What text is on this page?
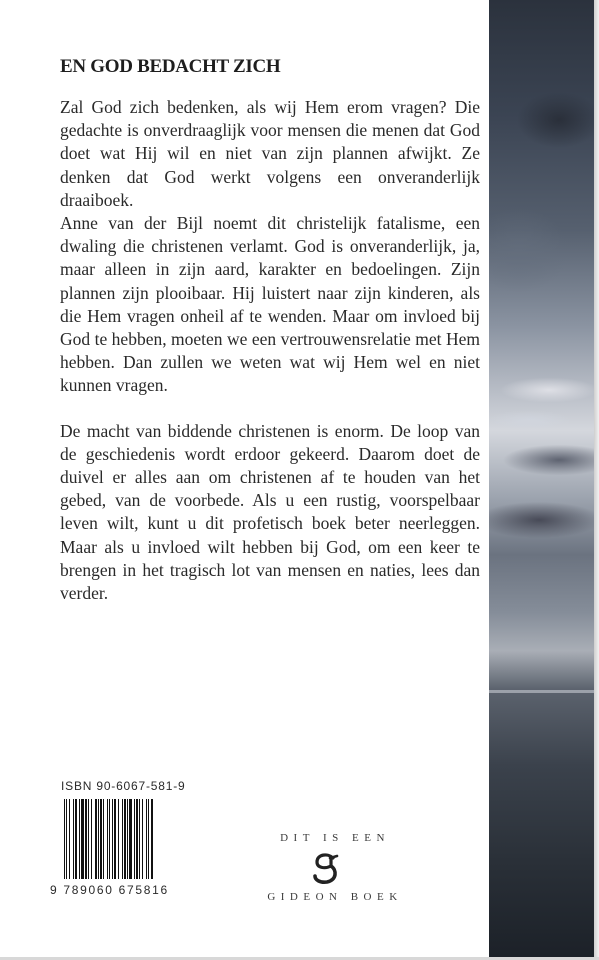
EN GOD BEDACHT ZICH

Zal God zich bedenken, als wij Hem erom vragen? Die gedachte is onverdraaglijk voor mensen die menen dat God doet wat Hij wil en niet van zijn plannen afwijkt. Ze denken dat God werkt volgens een onveranderlijk draaiboek.

Anne van der Bijl noemt dit christelijk fatalisme, een dwaling die christenen verlamt. God is onveranderlijk, ja, maar alleen in zijn aard, karakter en bedoelingen. Zijn plannen zijn plooibaar. Hij luistert naar zijn kinderen, als die Hem vragen onheil af te wenden. Maar om invloed bij God te hebben, moeten we een vertrouwensrelatie met Hem hebben. Dan zullen we weten wat wij Hem wel en niet kunnen vragen.

De macht van biddende christenen is enorm. De loop van de geschiedenis wordt erdoor gekeerd. Daarom doet de duivel er alles aan om christenen af te houden van het gebed, van de voorbede. Als u een rustig, voorspelbaar leven wilt, kunt u dit profetisch boek beter neerleggen. Maar als u invloed wilt hebben bij God, om een keer te brengen in het tragisch lot van mensen en naties, lees dan verder.

ISBN 90-6067-581-9
9 789060 675816
DIT IS EEN
GIDEON BOEK
